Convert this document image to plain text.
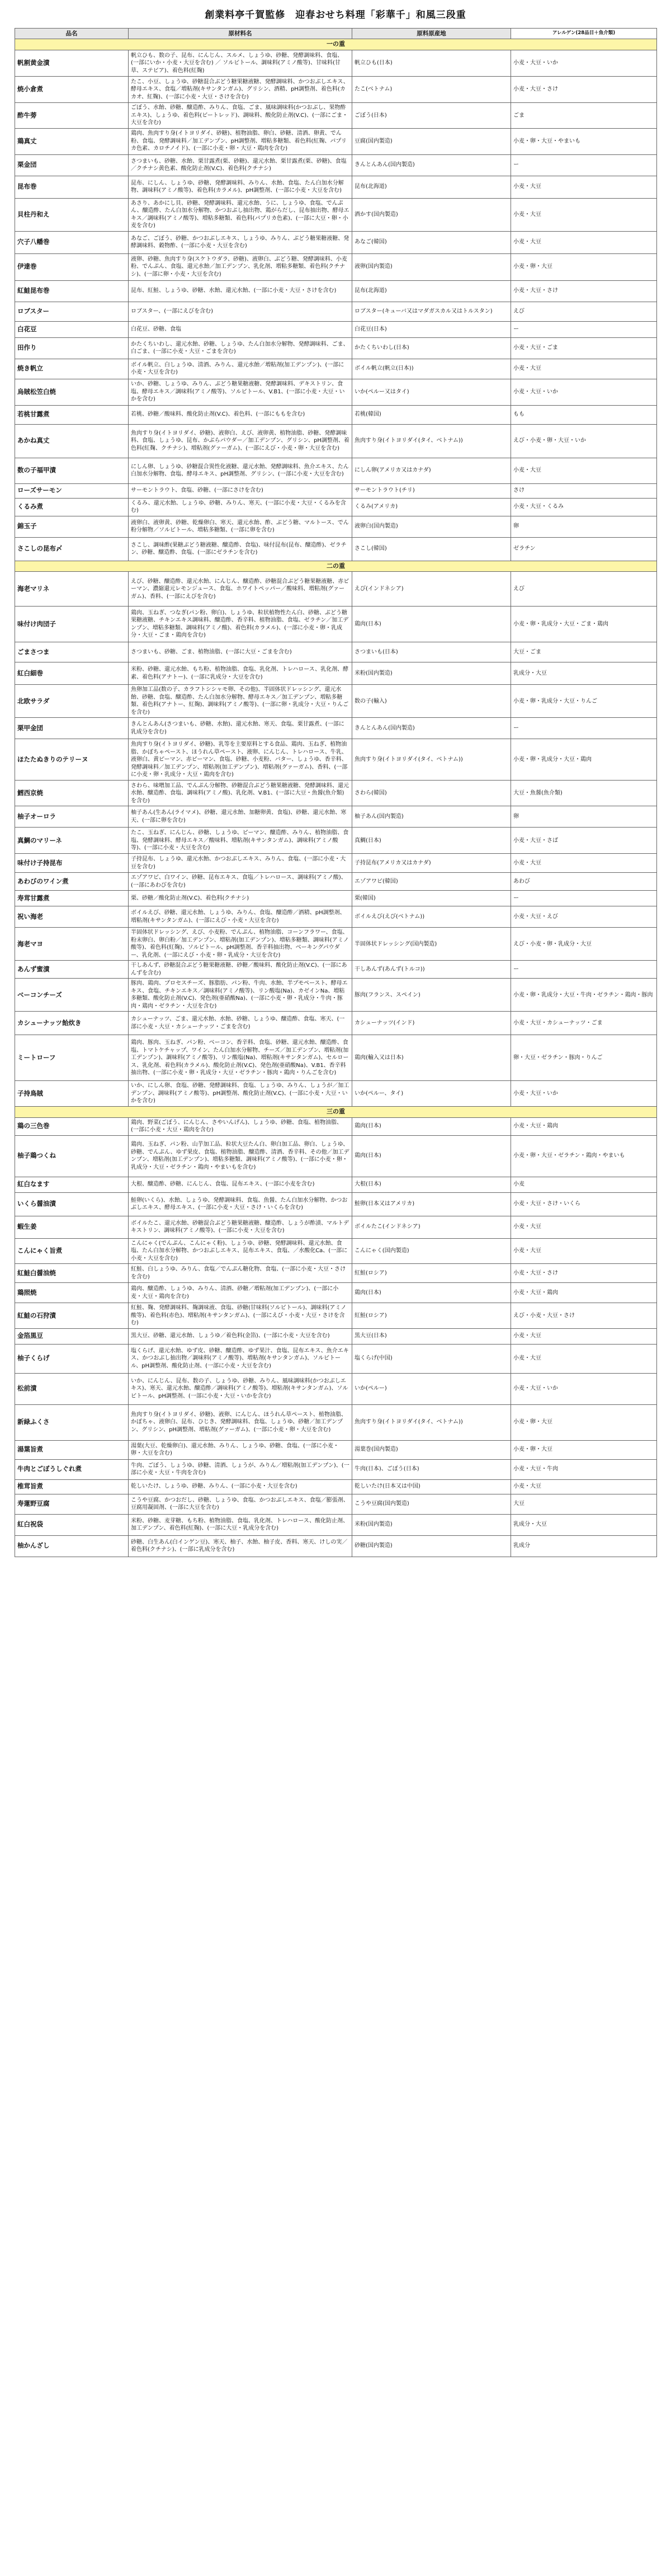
創業料亭千賀監修　迎春おせち料理「彩華千」和風三段重
品名	原材料名	原料原産地	アレルゲン(28品目＋魚介類)
一の重			
帆割黄金漬	帆立ひも、数の子、昆布、にんじん、スルメ、しょうゆ、砂糖、発酵調味料、食塩、(一部にいか・小麦・大豆を含む) ／ ソルビトール、調味料(アミノ酸等)、甘味料(甘草、ステビア)、着色料(紅麹)	帆立ひも(日本)	小麦・大豆・いか
焼小倉煮	たこ、小豆、しょうゆ、砂糖混合ぶどう糖果糖液糖、発酵調味料、かつおぶしエキス、酵母エキス、食塩／増粘剤(キサンタンガム)、グリシン、酒精、pH調整剤、着色料(カカオ、紅麹)、(一部に小麦・大豆・さけを含む)	たこ(ベトナム)	小麦・大豆・さけ
酢牛蒡	ごぼう、水飴、砂糖、醸造酢、みりん、食塩、ごま、風味調味料(かつおぶし、果物酢エキス)、しょうゆ、着色料(ビートレッド)、調味料、酸化防止剤(V.C)、(一部にごま・大豆を含む)	ごぼう(日本)	ごま
鶏真丈	鶏肉、魚肉すり身(イトヨリダイ、砂糖)、植物油脂、卵白、砂糖、清酒、卵黄、でん粉、食塩、発酵調味料／加工デンプン、pH調整剤、増粘多糖類、着色料(紅麹、パプリカ色素、カロチノイド)、(一部に小麦・卵・大豆・鶏肉を含む)	豆腐(国内製造)	小麦・卵・大豆・やまいも
栗金団	さつまいも、砂糖、水飴、栗甘露煮(栗、砂糖)、還元水飴、栗甘露煮(栗、砂糖)、食塩／クチナシ黄色素、酸化防止剤(V.C)、着色料(クチナシ)	きんとんあん(国内製造)	ー
昆布巻	昆布、にしん、しょうゆ、砂糖、発酵調味料、みりん、水飴、食塩、たん白加水分解物、調味料(アミノ酸等)、着色料(カラメル)、pH調整剤、(一部に小麦・大豆を含む)	昆布(北海道)	小麦・大豆
貝柱丹和え	あさり、あかにし貝、砂糖、発酵調味料、還元水飴、うに、しょうゆ、食塩、でんぷん、醸造酢、たん白加水分解物、かつおぶし抽出物、鶏がらだし、昆布抽出物、酵母エキス／調味料(アミノ酸等)、増粘多糖類、着色料(パプリカ色素)、(一部に大豆・卵・小麦を含む)	酒かす(国内製造)	小麦・大豆
穴子八幡巻	あなご、ごぼう、砂糖、かつおぶしエキス、しょうゆ、みりん、ぶどう糖果糖液糖、発酵調味料、穀物酢、(一部に小麦・大豆を含む)	あなご(韓国)	小麦・大豆
伊達巻	液卵、砂糖、魚肉すり身(スケトウダラ、砂糖)、液卵白、ぶどう糖、発酵調味料、小麦粉、でんぷん、食塩、還元水飴／加工デンプン、乳化剤、増粘多糖類、着色料(クチナシ)、(一部に卵・小麦・大豆を含む)	液卵(国内製造)	小麦・卵・大豆
紅鮭昆布巻	昆布、紅鮭、しょうゆ、砂糖、水飴、還元水飴、(一部に小麦・大豆・さけを含む)	昆布(北海道)	小麦・大豆・さけ
ロブスター	ロブスター、(一部にえびを含む)	ロブスター(キューバ又はマダガスカル又はトルスタン)	えび
白花豆	白花豆、砂糖、食塩	白花豆(日本)	ー
田作り	かたくちいわし、還元水飴、砂糖、しょうゆ、たん白加水分解物、発酵調味料、ごま、白ごま、(一部に小麦・大豆・ごまを含む)	かたくちいわし(日本)	小麦・大豆・ごま
焼き帆立	ボイル帆立、白しょうゆ、清酒、みりん、還元水飴／増粘剤(加工デンプン)、(一部に小麦・大豆を含む)	ボイル帆立(帆立(日本))	小麦・大豆
烏賊松笠白焼	いか、砂糖、しょうゆ、みりん、ぶどう糖果糖液糖、発酵調味料、デキストリン、食塩、酵母エキス／調味料(アミノ酸等)、ソルビトール、V.B1、(一部に小麦・大豆・いかを含む)	いか(ペルー又はタイ)	小麦・大豆・いか
若桃甘露煮	若桃、砂糖／酸味料、酸化防止剤(V.C)、着色料、(一部にももを含む)	若桃(韓国)	もも
あかね真丈	魚肉すり身(イトヨリダイ、砂糖)、液卵白、えび、液卵黄、植物油脂、砂糖、発酵調味料、食塩、しょうゆ、昆布、かぶらパウダー／加工デンプン、グリシン、pH調整剤、着色料(紅麹、クチナシ)、増粘剤(グァーガム)、(一部にえび・小麦・卵・大豆を含む)	魚肉すり身(イトヨリダイ(タイ、ベトナム))	えび・小麦・卵・大豆・いか
数の子福甲漬	にしん卵、しょうゆ、砂糖混合異性化液糖、還元水飴、発酵調味料、魚介エキス、たん白加水分解物、食塩、酵母エキス、pH調整剤、グリシン、(一部に小麦・大豆を含む)	にしん卵(アメリカ又はカナダ)	小麦・大豆
ローズサーモン	サーモントラウト、食塩、砂糖、(一部にさけを含む)	サーモントラウト(チリ)	さけ
くるみ煮	くるみ、還元水飴、しょうゆ、砂糖、みりん、寒天、(一部に小麦・大豆・くるみを含む)	くるみ(アメリカ)	小麦・大豆・くるみ
錦玉子	液卵白、液卵黄、砂糖、乾燥卵白、寒天、還元水飴、酢、ぶどう糖、マルトース、でん粉分解物／ソルビトール、増粘多糖類、(一部に卵を含む)	液卵白(国内製造)	卵
さこしの昆布〆	さこし、調味酢(果糖ぶどう糖液糖、醸造酢、食塩)、味付昆布(昆布、醸造酢)、ゼラチン、砂糖、醸造酢、食塩、(一部にゼラチンを含む)	さこし(韓国)	ゼラチン
二の重			
海老マリネ	えび、砂糖、醸造酢、還元水飴、にんじん、醸造酢、砂糖混合ぶどう糖果糖液糖、赤ピーマン、濃縮還元レモンジュース、食塩、ホワイトペッパー／酸味料、増粘剤(グァーガム)、香料、(一部にえびを含む)	えび(インドネシア)	えび
味付け肉団子	鶏肉、玉ねぎ、つなぎ(パン粉、卵白)、しょうゆ、粒状植物性たん白、砂糖、ぶどう糖果糖液糖、チキンエキス調味料、醸造酢、香辛料、植物油脂、食塩、ゼラチン／加工デンプン、増粘多糖類、調味料(アミノ酸)、着色料(カラメル)、(一部に小麦・卵・乳成分・大豆・ごま・鶏肉を含む)	鶏肉(日本)	小麦・卵・乳成分・大豆・ごま・鶏肉
ごまさつま	さつまいも、砂糖、ごま、植物油脂、(一部に大豆・ごまを含む)	さつまいも(日本)	大豆・ごま
紅白細巻	米粉、砂糖、還元水飴、もち粉、植物油脂、食塩、乳化剤、トレハロース、乳化剤、酵素、着色料(アナトー)、(一部に乳成分・大豆を含む)	米粉(国内製造)	乳成分・大豆
北欧サラダ	魚卵加工品(数の子、カラフトシシャモ卵、その他)、半固体状ドレッシング、還元水飴、砂糖、食塩、醸造酢、たん白加水分解物、酵母エキス／加工デンプン、増粘多糖類、着色料(アナトー、紅麹)、調味料(アミノ酸等)、(一部に卵・乳成分・大豆・りんごを含む)	数の子(輸入)	小麦・卵・乳成分・大豆・りんご
栗甲金団	きんとんあん(さつまいも、砂糖、水飴)、還元水飴、寒天、食塩、栗甘露煮、(一部に乳成分を含む)	きんとんあん(国内製造)	ー
ほたたぬきりのテリーヌ	魚肉すり身(イトヨリダイ、砂糖)、乳等を主要原料とする食品、鶏肉、玉ねぎ、植物油脂、かぼちゃペースト、ほうれん草ペースト、液卵、にんじん、トレハロース、牛乳、液卵白、黄ピーマン、赤ピーマン、食塩、砂糖、小麦粉、バター、しょうゆ、香辛料、発酵調味料／加工デンプン、増粘剤(加工デンプン)、増粘剤(グァーガム)、香料、(一部に小麦・卵・乳成分・大豆・鶏肉を含む)	魚肉すり身(イトヨリダイ(タイ、ベトナム))	小麦・卵・乳成分・大豆・鶏肉
鱈西京焼	さわら、味噌加工品、でんぷん分解物、砂糖混合ぶどう糖果糖液糖、発酵調味料、還元水飴、醸造酢、食塩、調味料(アミノ酸)、乳化剤、V.B1、(一部に大豆・魚醤(魚介類)を含む)	さわら(韓国)	大豆・魚醤(魚介類)
柚子オーロラ	柚子あん(生あん(ライマメ)、砂糖、還元水飴、加糖卵黄、食塩)、砂糖、還元水飴、寒天、(一部に卵を含む)	柚子あん(国内製造)	卵
真鯛のマリーネ	たこ、玉ねぎ、にんじん、砂糖、しょうゆ、ピーマン、醸造酢、みりん、植物油脂、食塩、発酵調味料、酵母エキス／酸味料、増粘剤(キサンタンガム)、調味料(アミノ酸等)、(一部に小麦・大豆を含む)	真鯛(日本)	小麦・大豆・さば
味付け子持昆布	子持昆布、しょうゆ、還元水飴、かつおぶしエキス、みりん、食塩、(一部に小麦・大豆を含む)	子持昆布(アメリカ又はカナダ)	小麦・大豆
あわびのワイン煮	エゾアワビ、白ワイン、砂糖、昆布エキス、食塩／トレハロース、調味料(アミノ酸)、(一部にあわびを含む)	エゾアワビ(韓国)	あわび
寿茸甘露煮	栗、砂糖／酸化防止剤(V.C)、着色料(クチナシ)	栗(韓国)	ー
祝い海老	ボイルえび、砂糖、還元水飴、しょうゆ、みりん、食塩、醸造酢／酒精、pH調整剤、増粘剤(キサンタンガム)、(一部にえび・小麦・大豆を含む)	ボイルえび(えび(ベトナム))	小麦・大豆・えび
海老マヨ	半固体状ドレッシング、えび、小麦粉、でんぷん、植物油脂、コーンフラワー、食塩、粉末卵白、卵白粉／加工デンプン、増粘剤(加工デンプン)、増粘多糖類、調味料(アミノ酸等)、着色料(紅麹)、ソルビトール、pH調整剤、香辛料抽出物、ベーキングパウダー、乳化剤、(一部にえび・小麦・卵・乳成分・大豆を含む)	半固体状ドレッシング(国内製造)	えび・小麦・卵・乳成分・大豆
あんず蜜漬	干しあんず、砂糖混合ぶどう糖果糖液糖、砂糖／酸味料、酸化防止剤(V.C)、(一部にあんずを含む)	干しあんず(あんず(トルコ))	ー
ベーコンチーズ	豚肉、鶏肉、プロセスチーズ、豚脂肪、パン粉、牛肉、水飴、半プモペースト、酵母エキス、食塩、チキンエキス／調味料(アミノ酸等)、リン酸塩(Na)、カゼインNa、増粘多糖類、酸化防止剤(V.C)、発色剤(亜硝酸Na)、(一部に小麦・卵・乳成分・牛肉・豚肉・鶏肉・ゼラチン・大豆を含む)	豚肉(フランス、スペイン)	小麦・卵・乳成分・大豆・牛肉・ゼラチン・鶏肉・豚肉
カシューナッツ飴炊き	カシューナッツ、ごま、還元水飴、水飴、砂糖、しょうゆ、醸造酢、食塩、寒天、(一部に小麦・大豆・カシューナッツ・ごまを含む)	カシューナッツ(インド)	小麦・大豆・カシューナッツ・ごま
ミートローフ	鶏肉、豚肉、玉ねぎ、パン粉、ベーコン、香辛料、食塩、砂糖、還元水飴、醸造酢、食塩、トマトケチャップ、ワイン、たん白加水分解物、チーズ／加工デンプン、増粘剤(加工デンプン)、調味料(アミノ酸等)、リン酸塩(Na)、増粘剤(キサンタンガム)、セルロース、乳化剤、着色料(カラメル)、酸化防止剤(V.C)、発色剤(亜硝酸Na)、V.B1、香辛料抽出物、(一部に小麦・卵・乳成分・大豆・ゼラチン・豚肉・鶏肉・りんごを含む)	鶏肉(輸入又は日本)	卵・大豆・ゼラチン・豚肉・りんご
子持鳥賊	いか、にしん卵、食塩、砂糖、発酵調味料、食塩、しょうゆ、みりん、しょうが／加工デンプン、調味料(アミノ酸等)、pH調整剤、酸化防止剤(V.C)、(一部に小麦・大豆・いかを含む)	いか(ペルー、タイ)	小麦・大豆・いか
三の重			
鶏の三色巻	鶏肉、野菜(ごぼう、にんじん、さやいんげん)、しょうゆ、砂糖、食塩、植物油脂、(一部に小麦・大豆・鶏肉を含む)	鶏肉(日本)	小麦・大豆・鶏肉
柚子鶏つくね	鶏肉、玉ねぎ、パン粉、山芋加工品、粒状大豆たん白、卵白加工品、卵白、しょうゆ、砂糖、でんぷん、ゆず果皮、食塩、植物油脂、醸造酢、清酒、香辛料、その他／加工デンプン、増粘剤(加工デンプン)、増粘多糖類、調味料(アミノ酸等)、(一部に小麦・卵・乳成分・大豆・ゼラチン・鶏肉・やまいもを含む)	鶏肉(日本)	小麦・卵・大豆・ゼラチン・鶏肉・やまいも
紅白なます	大根、醸造酢、砂糖、にんじん、食塩、昆布エキス、(一部に小麦を含む)	大根(日本)	小麦
いくら醤油漬	鮭卵(いくら)、水飴、しょうゆ、発酵調味料、食塩、魚醤、たん白加水分解物、かつおぶしエキス、酵母エキス、(一部に小麦・大豆・さけ・いくらを含む)	鮭卵(日本又はアメリカ)	小麦・大豆・さけ・いくら
蝦生姜	ボイルたこ、還元水飴、砂糖混合ぶどう糖果糖液糖、醸造酢、しょうが酢漬、マルトデキストリン、調味料(アミノ酸等)、(一部に小麦・大豆を含む)	ボイルたこ(インドネシア)	小麦・大豆
こんにゃく旨煮	こんにゃく(でんぷん、こんにゃく粉)、しょうゆ、砂糖、発酵調味料、還元水飴、食塩、たん白加水分解物、かつおぶしエキス、昆布エキス、食塩、／水酸化Ca、(一部に小麦・大豆を含む)	こんにゃく(国内製造)	小麦・大豆
紅鮭白醤油焼	紅鮭、白しょうゆ、みりん、食塩／でんぷん糖化物、食塩、(一部に小麦・大豆・さけを含む)	紅鮭(ロシア)	小麦・大豆・さけ
鶏照焼	鶏肉、醸造酢、しょうゆ、みりん、清酒、砂糖／増粘剤(加工デンプン)、(一部に小麦・大豆・鶏肉を含む)	鶏肉(日本)	小麦・大豆・鶏肉
紅鮭の石狩漬	紅鮭、麹、発酵調味料、麹調味液、食塩、砂糖(甘味料(ソルビトール)、調味料(アミノ酸等)、着色料(赤色)、増粘剤(キサンタンガム)、(一部にえび・小麦・大豆・さけを含む)	紅鮭(ロシア)	えび・小麦・大豆・さけ
金箔黒豆	黒大豆、砂糖、還元水飴、しょうゆ／着色料(金箔)、(一部に小麦・大豆を含む)	黒大豆(日本)	小麦・大豆
柚子くらげ	塩くらげ、還元水飴、ゆず皮、砂糖、醸造酢、ゆず果汁、食塩、昆布エキス、魚介エキス、かつおぶし抽出物／調味料(アミノ酸等)、増粘剤(キサンタンガム)、ソルビトール、pH調整剤、酸化防止剤、(一部に小麦・大豆を含む)	塩くらげ(中国)	小麦・大豆
松前漬	いか、にんじん、昆布、数の子、しょうゆ、砂糖、みりん、風味調味料(かつおぶしエキス)、寒天、還元水飴、醸造酢／調味料(アミノ酸等)、増粘剤(キサンタンガム)、ソルビトール、pH調整剤、(一部に小麦・大豆・いかを含む)	いか(ペルー)	小麦・大豆・いか
新緑ふくさ	魚肉すり身(イトヨリダイ、砂糖)、液卵、にんじん、ほうれん草ペースト、植物油脂、かぼちゃ、液卵白、昆布、ひじき、発酵調味料、食塩、しょうゆ、砂糖／加工デンプン、グリシン、pH調整剤、増粘剤(グァーガム)、(一部に小麦・卵・大豆を含む)	魚肉すり身(イトヨリダイ(タイ、ベトナム))	小麦・卵・大豆
湯葉旨煮	湯葉(大豆、乾燥卵白)、還元水飴、みりん、しょうゆ、砂糖、食塩、(一部に小麦・卵・大豆を含む)	湯葉巻(国内製造)	小麦・卵・大豆
牛肉とごぼうしぐれ煮	牛肉、ごぼう、しょうゆ、砂糖、清酒、しょうが、みりん／増粘剤(加工デンプン)、(一部に小麦・大豆・牛肉を含む)	牛肉(日本)、ごぼう(日本)	小麦・大豆・牛肉
椎茸旨煮	乾しいたけ、しょうゆ、砂糖、みりん、(一部に小麦・大豆を含む)	乾しいたけ(日本又は中国)	小麦・大豆
寿蓮野豆腐	こうや豆腐、かつおだし、砂糖、しょうゆ、食塩、かつおぶしエキス、食塩／膨張剤、豆腐用凝固剤、(一部に大豆を含む)	こうや豆腐(国内製造)	大豆
紅白祝袋	米粉、砂糖、麦芽糖、もち粉、植物油脂、食塩、乳化剤、トレハロース、酸化防止剤、加工デンプン、着色料(紅麹)、(一部に大豆・乳成分を含む)	米粉(国内製造)	乳成分・大豆
柚かんざし	砂糖、白生あん(白インゲン豆)、寒天、柚子、水飴、柚子皮、香料、寒天、けしの実／着色料(クチナシ)、(一部に乳成分を含む)	砂糖(国内製造)	乳成分
